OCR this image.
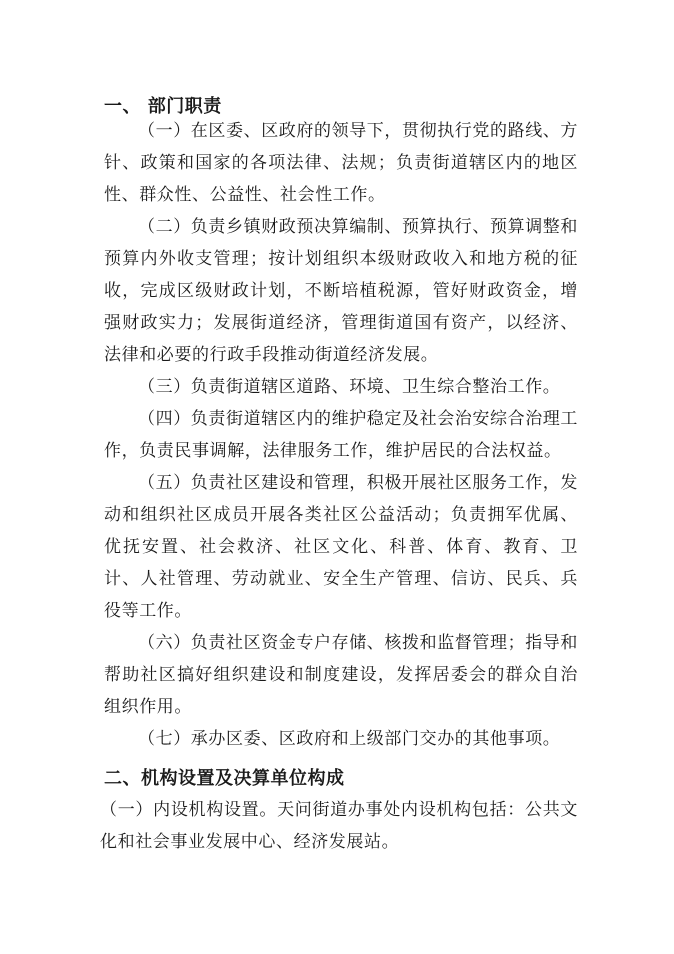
一、 部门职责

（一）在区委、区政府的领导下，贯彻执行党的路线、方针、政策和国家的各项法律、法规；负责街道辖区内的地区性、群众性、公益性、社会性工作。

（二）负责乡镇财政预决算编制、预算执行、预算调整和预算内外收支管理；按计划组织本级财政收入和地方税的征收，完成区级财政计划，不断培植税源，管好财政资金，增强财政实力；发展街道经济，管理街道国有资产，以经济、法律和必要的行政手段推动街道经济发展。

（三）负责街道辖区道路、环境、卫生综合整治工作。

（四）负责街道辖区内的维护稳定及社会治安综合治理工作，负责民事调解，法律服务工作，维护居民的合法权益。

（五）负责社区建设和管理，积极开展社区服务工作，发动和组织社区成员开展各类社区公益活动；负责拥军优属、优抚安置、社会救济、社区文化、科普、体育、教育、卫计、人社管理、劳动就业、安全生产管理、信访、民兵、兵役等工作。

（六）负责社区资金专户存储、核拨和监督管理；指导和帮助社区搞好组织建设和制度建设，发挥居委会的群众自治组织作用。

（七）承办区委、区政府和上级部门交办的其他事项。

二、机构设置及决算单位构成

（一）内设机构设置。天问街道办事处内设机构包括：公共文化和社会事业发展中心、经济发展站。
